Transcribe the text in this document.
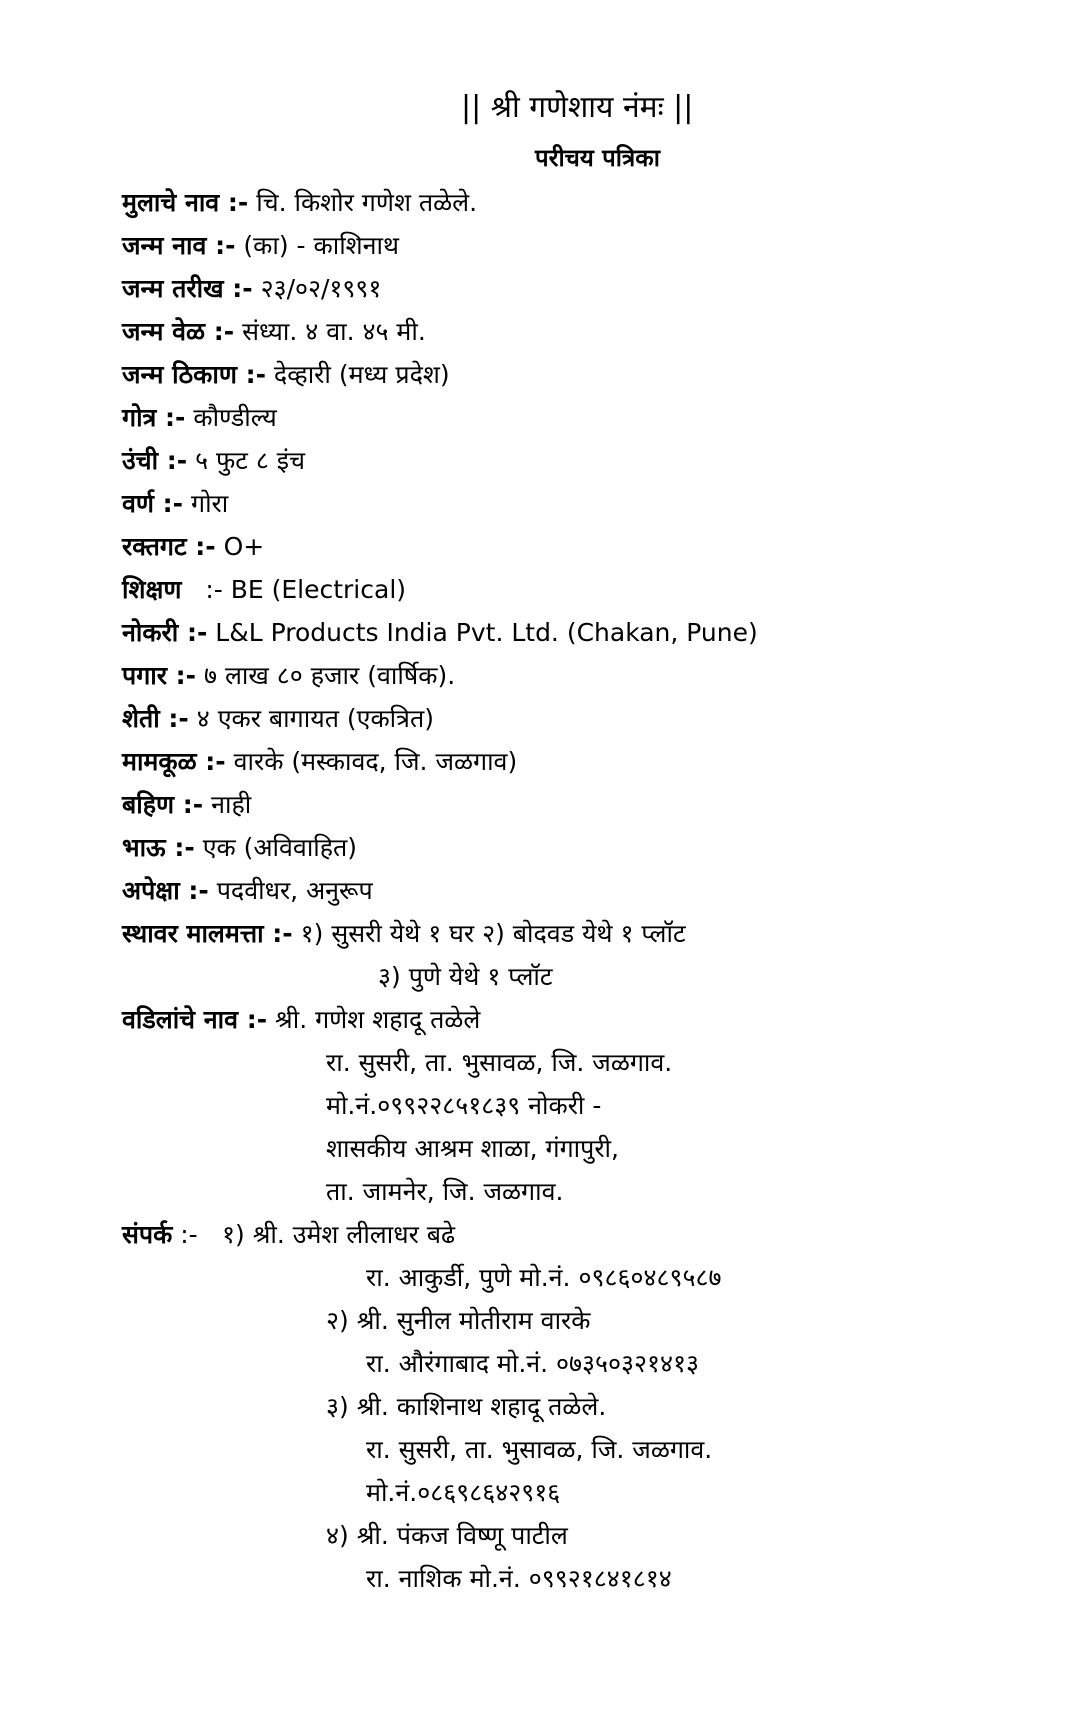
|| श्री गणेशाय नंमः ||
परीचय पत्रिका
मुलाचे नाव :- चि. किशोर गणेश तळेले.
जन्म नाव :- (का) - काशिनाथ
जन्म तरीख :- २३/०२/१९९१
जन्म वेळ :- संध्या. ४ वा. ४५ मी.
जन्म ठिकाण :- देव्हारी (मध्य प्रदेश)
गोत्र :- कौण्डील्य
उंची :- ५ फुट ८ इंच
वर्ण :- गोरा
रक्तगट :- O+
शिक्षण   :- BE (Electrical)
नोकरी :- L&L Products India Pvt. Ltd. (Chakan, Pune)
पगार :- ७ लाख ८० हजार (वार्षिक).
शेती :- ४ एकर बागायत (एकत्रित)
मामकूळ :- वारके (मस्कावद, जि. जळगाव)
बहिण :- नाही
भाऊ :- एक (अविवाहित)
अपेक्षा :- पदवीधर, अनुरूप
स्थावर मालमत्ता :- १) सुसरी येथे १ घर २) बोदवड येथे १ प्लॉट
३) पुणे येथे १ प्लॉट
वडिलांचे नाव :- श्री. गणेश शहादू तळेले
रा. सुसरी, ता. भुसावळ, जि. जळगाव.
मो.नं.०९९२२८५१८३९ नोकरी -
शासकीय आश्रम शाळा, गंगापुरी,
ता. जामनेर, जि. जळगाव.
संपर्क :- १) श्री. उमेश लीलाधर बढे
रा. आकुर्डी, पुणे मो.नं. ०९८६०४८९५८७
२) श्री. सुनील मोतीराम वारके
रा. औरंगाबाद मो.नं. ०७३५०३२१४१३
३) श्री. काशिनाथ शहादू तळेले.
रा. सुसरी, ता. भुसावळ, जि. जळगाव.
मो.नं.०८६९८६४२९१६
४) श्री. पंकज विष्णू पाटील
रा. नाशिक मो.नं. ०९९२१८४१८१४
